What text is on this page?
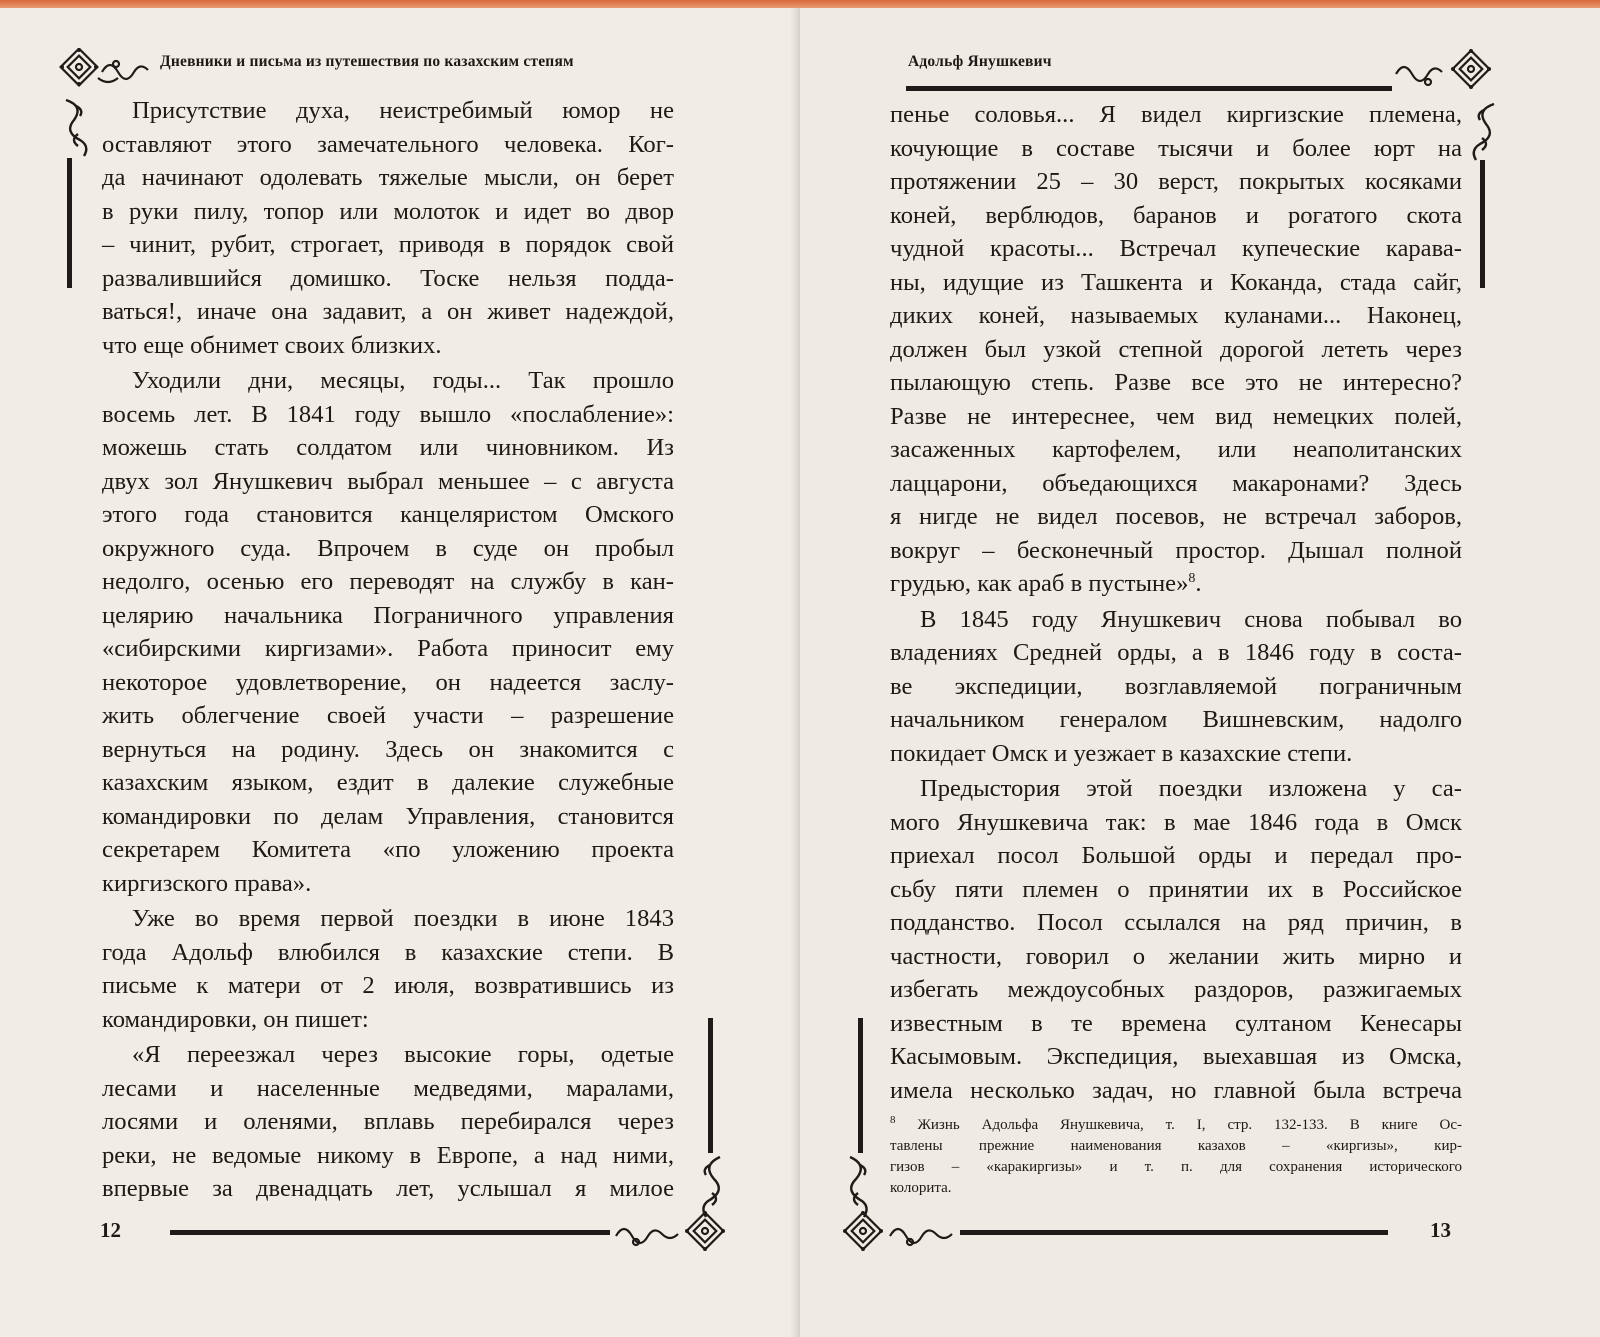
Дневники и письма из путешествия по казахским степям
Присутствие духа, неистребимый юмор не
оставляют этого замечательного человека. Ког-
да начинают одолевать тяжелые мысли, он берет
в руки пилу, топор или молоток и идет во двор
– чинит, рубит, строгает, приводя в порядок свой
развалившийся домишко. Тоске нельзя подда-
ваться!, иначе она задавит, а он живет надеждой,
что еще обнимет своих близких.
Уходили дни, месяцы, годы... Так прошло
восемь лет. В 1841 году вышло «послабление»:
можешь стать солдатом или чиновником. Из
двух зол Янушкевич выбрал меньшее – с августа
этого года становится канцеляристом Омского
окружного суда. Впрочем в суде он пробыл
недолго, осенью его переводят на службу в кан-
целярию начальника Пограничного управления
«сибирскими киргизами». Работа приносит ему
некоторое удовлетворение, он надеется заслу-
жить облегчение своей участи – разрешение
вернуться на родину. Здесь он знакомится с
казахским языком, ездит в далекие служебные
командировки по делам Управления, становится
секретарем Комитета «по уложению проекта
киргизского права».
Уже во время первой поездки в июне 1843
года Адольф влюбился в казахские степи. В
письме к матери от 2 июля, возвратившись из
командировки, он пишет:
«Я переезжал через высокие горы, одетые
лесами и населенные медведями, маралами,
лосями и оленями, вплавь перебирался через
реки, не ведомые никому в Европе, а над ними,
впервые за двенадцать лет, услышал я милое
12
Адольф Янушкевич
пенье соловья... Я видел киргизские племена,
кочующие в составе тысячи и более юрт на
протяжении 25 – 30 верст, покрытых косяками
коней, верблюдов, баранов и рогатого скота
чудной красоты... Встречал купеческие карава-
ны, идущие из Ташкента и Коканда, стада сайг,
диких коней, называемых куланами... Наконец,
должен был узкой степной дорогой лететь через
пылающую степь. Разве все это не интересно?
Разве не интереснее, чем вид немецких полей,
засаженных картофелем, или неаполитанских
лаццарони, объедающихся макаронами? Здесь
я нигде не видел посевов, не встречал заборов,
вокруг – бесконечный простор. Дышал полной
грудью, как араб в пустыне»$^8$.
В 1845 году Янушкевич снова побывал во
владениях Средней орды, а в 1846 году в соста-
ве экспедиции, возглавляемой пограничным
начальником генералом Вишневским, надолго
покидает Омск и уезжает в казахские степи.
Предыстория этой поездки изложена у са-
мого Янушкевича так: в мае 1846 года в Омск
приехал посол Большой орды и передал про-
сьбу пяти племен о принятии их в Российское
подданство. Посол ссылался на ряд причин, в
частности, говорил о желании жить мирно и
избегать междоусобных раздоров, разжигаемых
известным в те времена султаном Кенесары
Касымовым. Экспедиция, выехавшая из Омска,
имела несколько задач, но главной была встреча
$^8$ Жизнь Адольфа Янушкевича, т. I, стр. 132-133. В книге Ос-
тавлены прежние наименования казахов – «киргизы», кир-
гизов – «каракиргизы» и т. п. для сохранения исторического
колорита.
13
